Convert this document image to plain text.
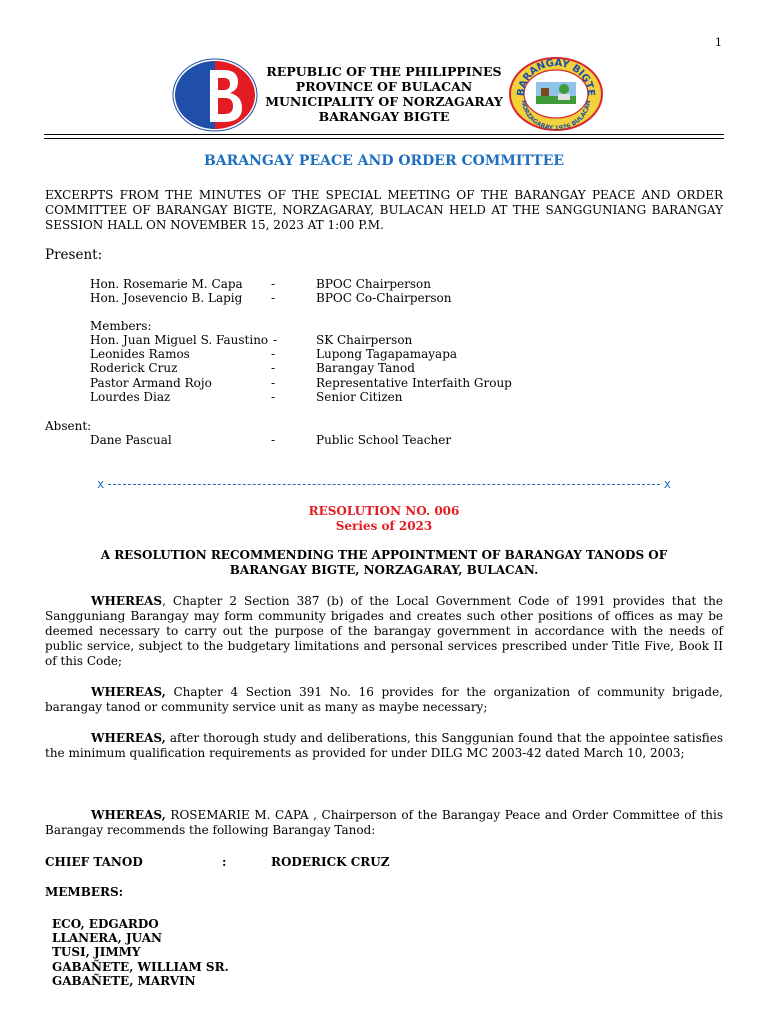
1
REPUBLIC OF THE PHILIPPINES
PROVINCE OF BULACAN
MUNICIPALITY OF NORZAGARAY
BARANGAY BIGTE
BARANGAY BIGTE
NORZAGARAY 1976 BULACAN
BARANGAY PEACE AND ORDER COMMITTEE
EXCERPTS FROM THE MINUTES OF THE SPECIAL MEETING OF THE BARANGAY PEACE AND ORDER COMMITTEE OF BARANGAY BIGTE, NORZAGARAY, BULACAN HELD AT THE SANGGUNIANG BARANGAY SESSION HALL ON NOVEMBER 15, 2023 AT 1:00 P.M.
Present:
Hon. Rosemarie M. Capa -	BPOC Chairperson
Hon. Josevencio B. Lapig -	BPOC Co-Chairperson
Members:
Hon. Juan Miguel S. Faustino -	SK Chairperson
Leonides Ramos	-	Lupong Tagapamayapa
Roderick Cruz	-	Barangay Tanod
Pastor Armand Rojo	-	Representative Interfaith Group
Lourdes Diaz	-	Senior Citizen
Absent:
Dane Pascual	-	Public School Teacher
x	x
RESOLUTION NO. 006
Series of 2023
A RESOLUTION RECOMMENDING THE APPOINTMENT OF BARANGAY TANODS OF BARANGAY BIGTE, NORZAGARAY, BULACAN.
WHEREAS, Chapter 2 Section 387 (b) of the Local Government Code of 1991 provides that the Sangguniang Barangay may form community brigades and creates such other positions of offices as may be deemed necessary to carry out the purpose of the barangay government in accordance with the needs of public service, subject to the budgetary limitations and personal services prescribed under Title Five, Book II of this Code;
WHEREAS, Chapter 4 Section 391 No. 16 provides for the organization of community brigade, barangay tanod or community service unit as many as maybe necessary;
WHEREAS, after thorough study and deliberations, this Sanggunian found that the appointee satisfies the minimum qualification requirements as provided for under DILG MC 2003-42 dated March 10, 2003;
WHEREAS, ROSEMARIE M. CAPA , Chairperson of the Barangay Peace and Order Committee of this Barangay recommends the following Barangay Tanod:
CHIEF TANOD	:	RODERICK CRUZ
MEMBERS:
ECO, EDGARDO
LLANERA, JUAN
TUSI, JIMMY
GABAÑETE, WILLIAM SR.
GABAÑETE, MARVIN
